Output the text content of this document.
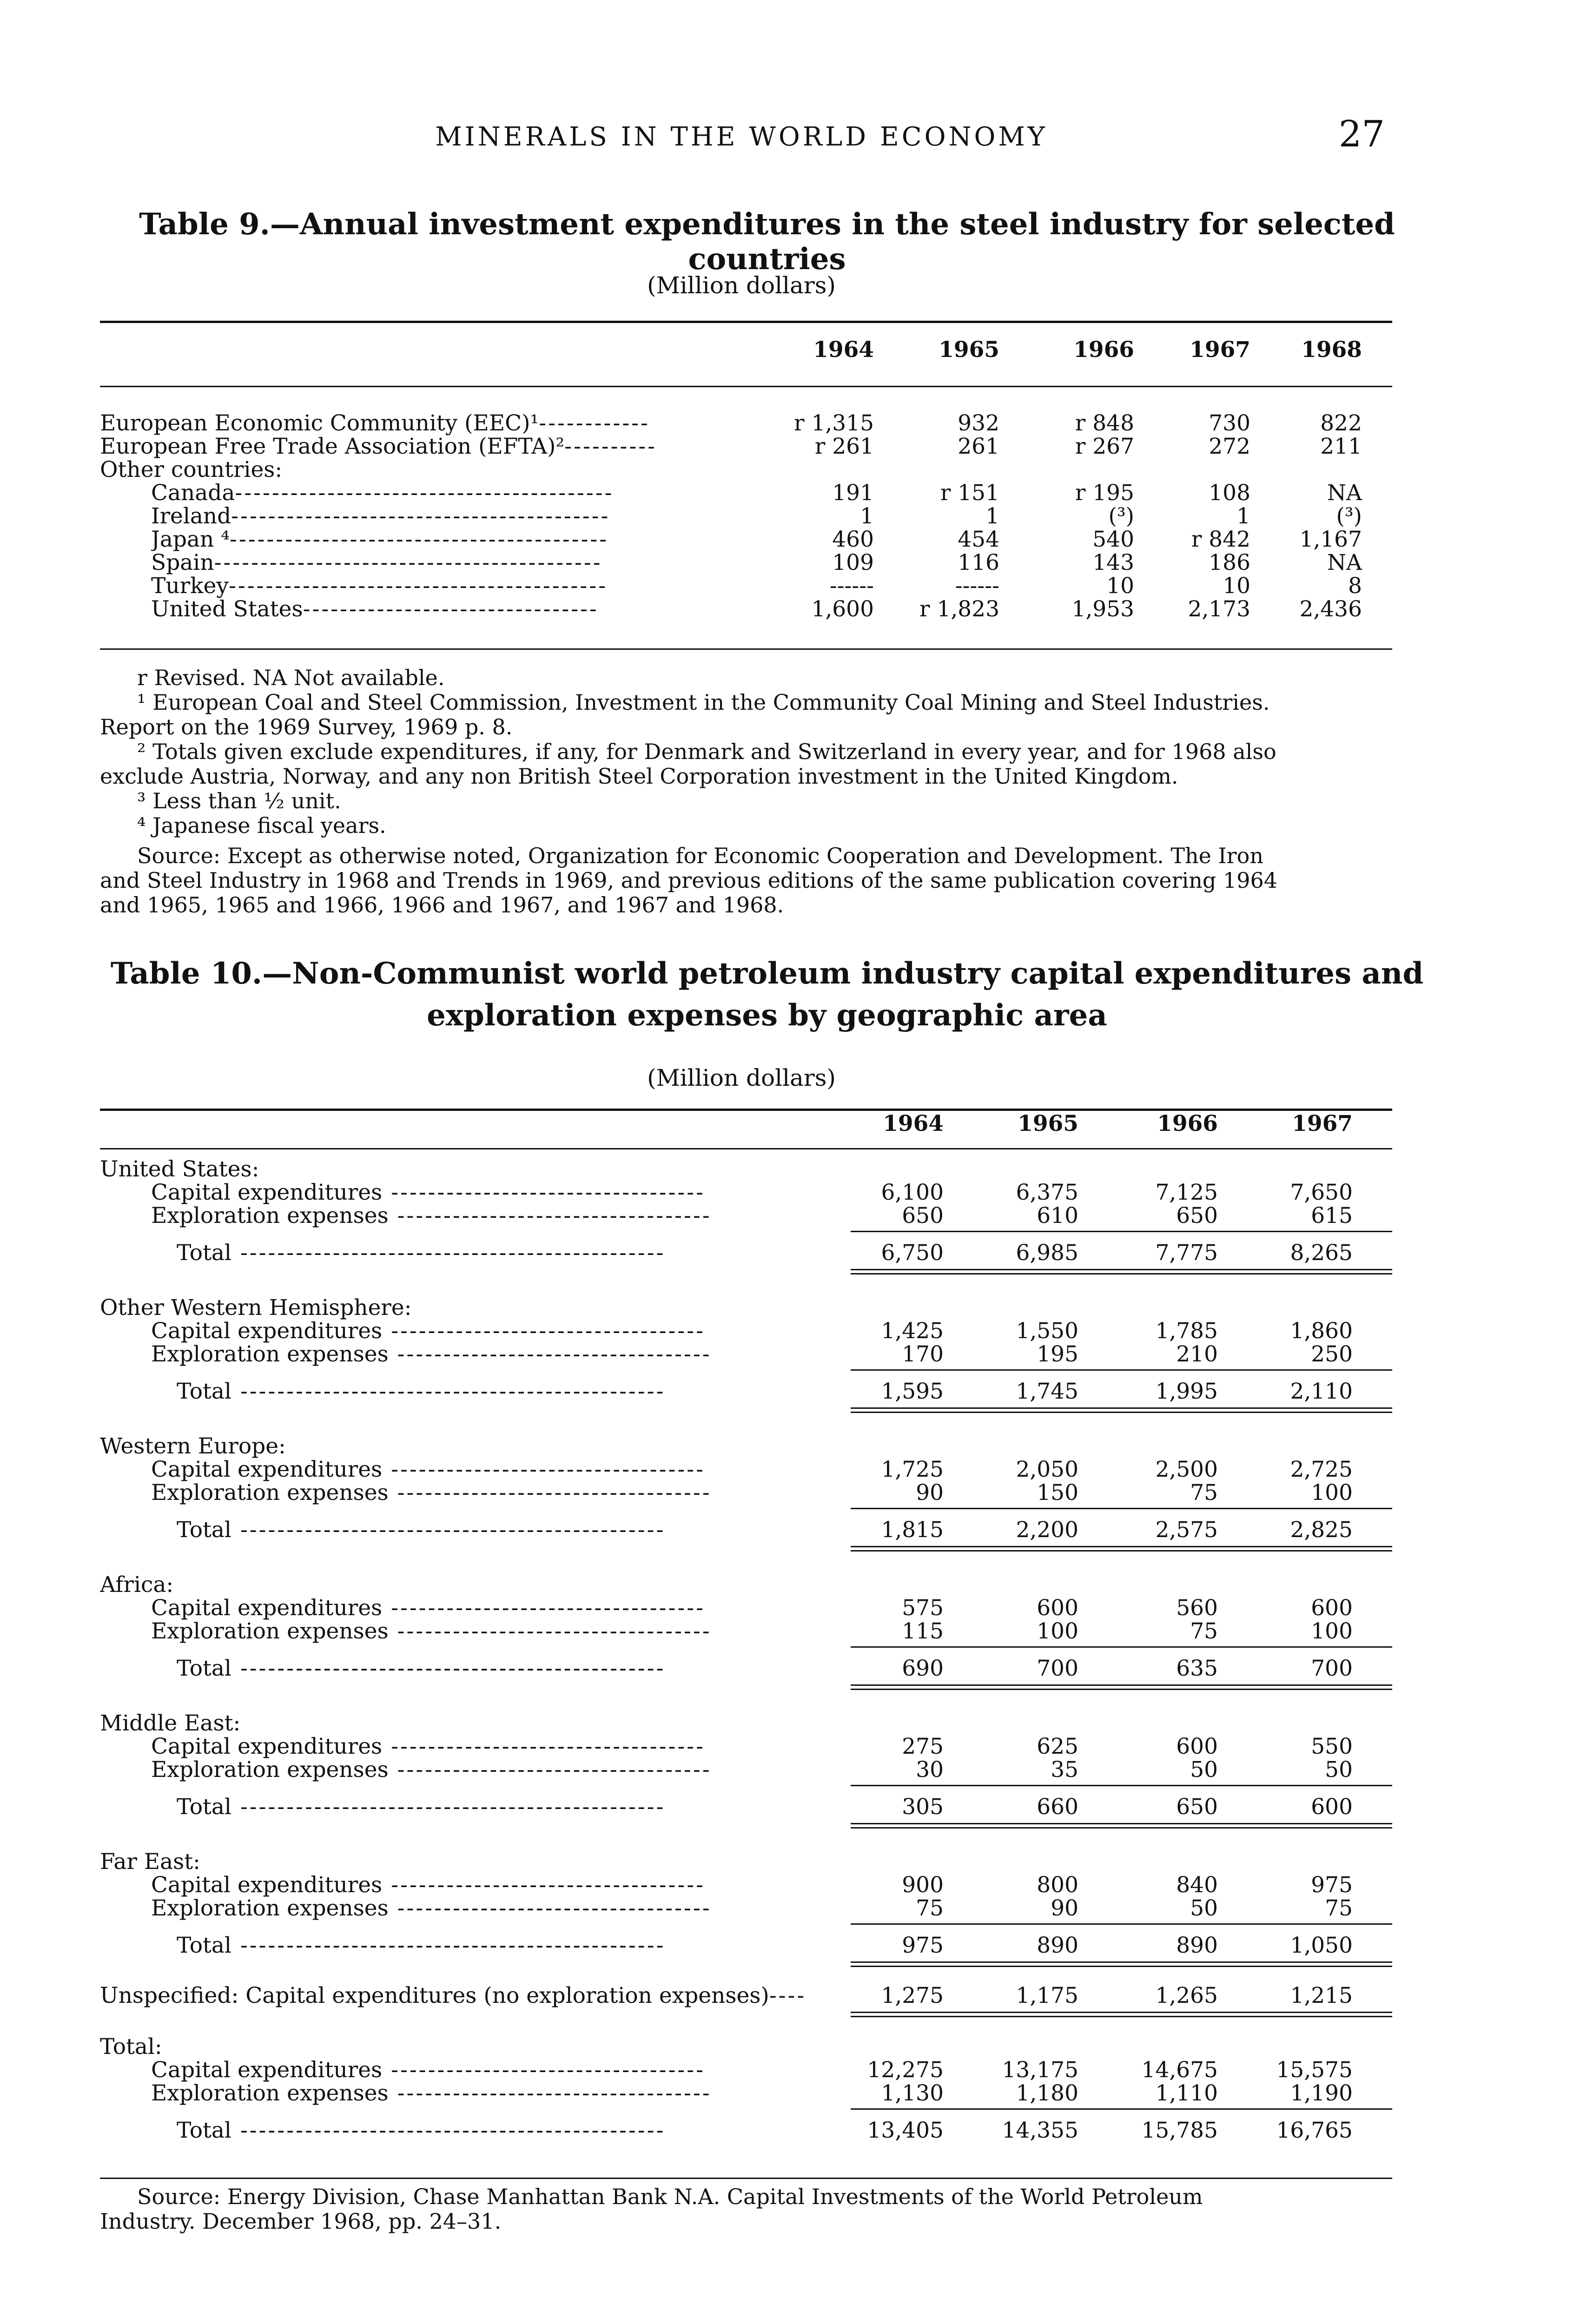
MINERALS IN THE WORLD ECONOMY	27
Table 9.—Annual investment expenditures in the steel industry for selected countries
(Million dollars)
1964	1965	1966	1967	1968
European Economic Community (EEC)¹------------	r 1,315	932	r 848	730	822
European Free Trade Association (EFTA)²----------	r 261	261	r 267	272	211
Other countries:
Canada-----------------------------------------	191	r 151	r 195	108	NA
Ireland-----------------------------------------	1	1	(³)	1	(³)
Japan ⁴-----------------------------------------	460	454	540	r 842	1,167
Spain------------------------------------------	109	116	143	186	NA
Turkey-----------------------------------------	------	------	10	10	8
United States--------------------------------	1,600	r 1,823	1,953	2,173	2,436
r Revised. NA Not available.
¹ European Coal and Steel Commission, Investment in the Community Coal Mining and Steel Industries.
Report on the 1969 Survey, 1969 p. 8.
² Totals given exclude expenditures, if any, for Denmark and Switzerland in every year, and for 1968 also
exclude Austria, Norway, and any non British Steel Corporation investment in the United Kingdom.
³ Less than ½ unit.
⁴ Japanese fiscal years.
Source: Except as otherwise noted, Organization for Economic Cooperation and Development. The Iron
and Steel Industry in 1968 and Trends in 1969, and previous editions of the same publication covering 1964
and 1965, 1965 and 1966, 1966 and 1967, and 1967 and 1968.
Table 10.—Non-Communist world petroleum industry capital expenditures and
exploration expenses by geographic area
(Million dollars)
1964	1965	1966	1967
United States:
Capital expenditures ----------------------------------	6,100	6,375	7,125	7,650
Exploration expenses ----------------------------------	650	610	650	615
Total ----------------------------------------------	6,750	6,985	7,775	8,265
Other Western Hemisphere:
Capital expenditures ----------------------------------	1,425	1,550	1,785	1,860
Exploration expenses ----------------------------------	170	195	210	250
Total ----------------------------------------------	1,595	1,745	1,995	2,110
Western Europe:
Capital expenditures ----------------------------------	1,725	2,050	2,500	2,725
Exploration expenses ----------------------------------	90	150	75	100
Total ----------------------------------------------	1,815	2,200	2,575	2,825
Africa:
Capital expenditures ----------------------------------	575	600	560	600
Exploration expenses ----------------------------------	115	100	75	100
Total ----------------------------------------------	690	700	635	700
Middle East:
Capital expenditures ----------------------------------	275	625	600	550
Exploration expenses ----------------------------------	30	35	50	50
Total ----------------------------------------------	305	660	650	600
Far East:
Capital expenditures ----------------------------------	900	800	840	975
Exploration expenses ----------------------------------	75	90	50	75
Total ----------------------------------------------	975	890	890	1,050
Unspecified: Capital expenditures (no exploration expenses)----	1,275	1,175	1,265	1,215
Total:
Capital expenditures ----------------------------------	12,275	13,175	14,675	15,575
Exploration expenses ----------------------------------	1,130	1,180	1,110	1,190
Total ----------------------------------------------	13,405	14,355	15,785	16,765
Source: Energy Division, Chase Manhattan Bank N.A. Capital Investments of the World Petroleum
Industry. December 1968, pp. 24–31.
